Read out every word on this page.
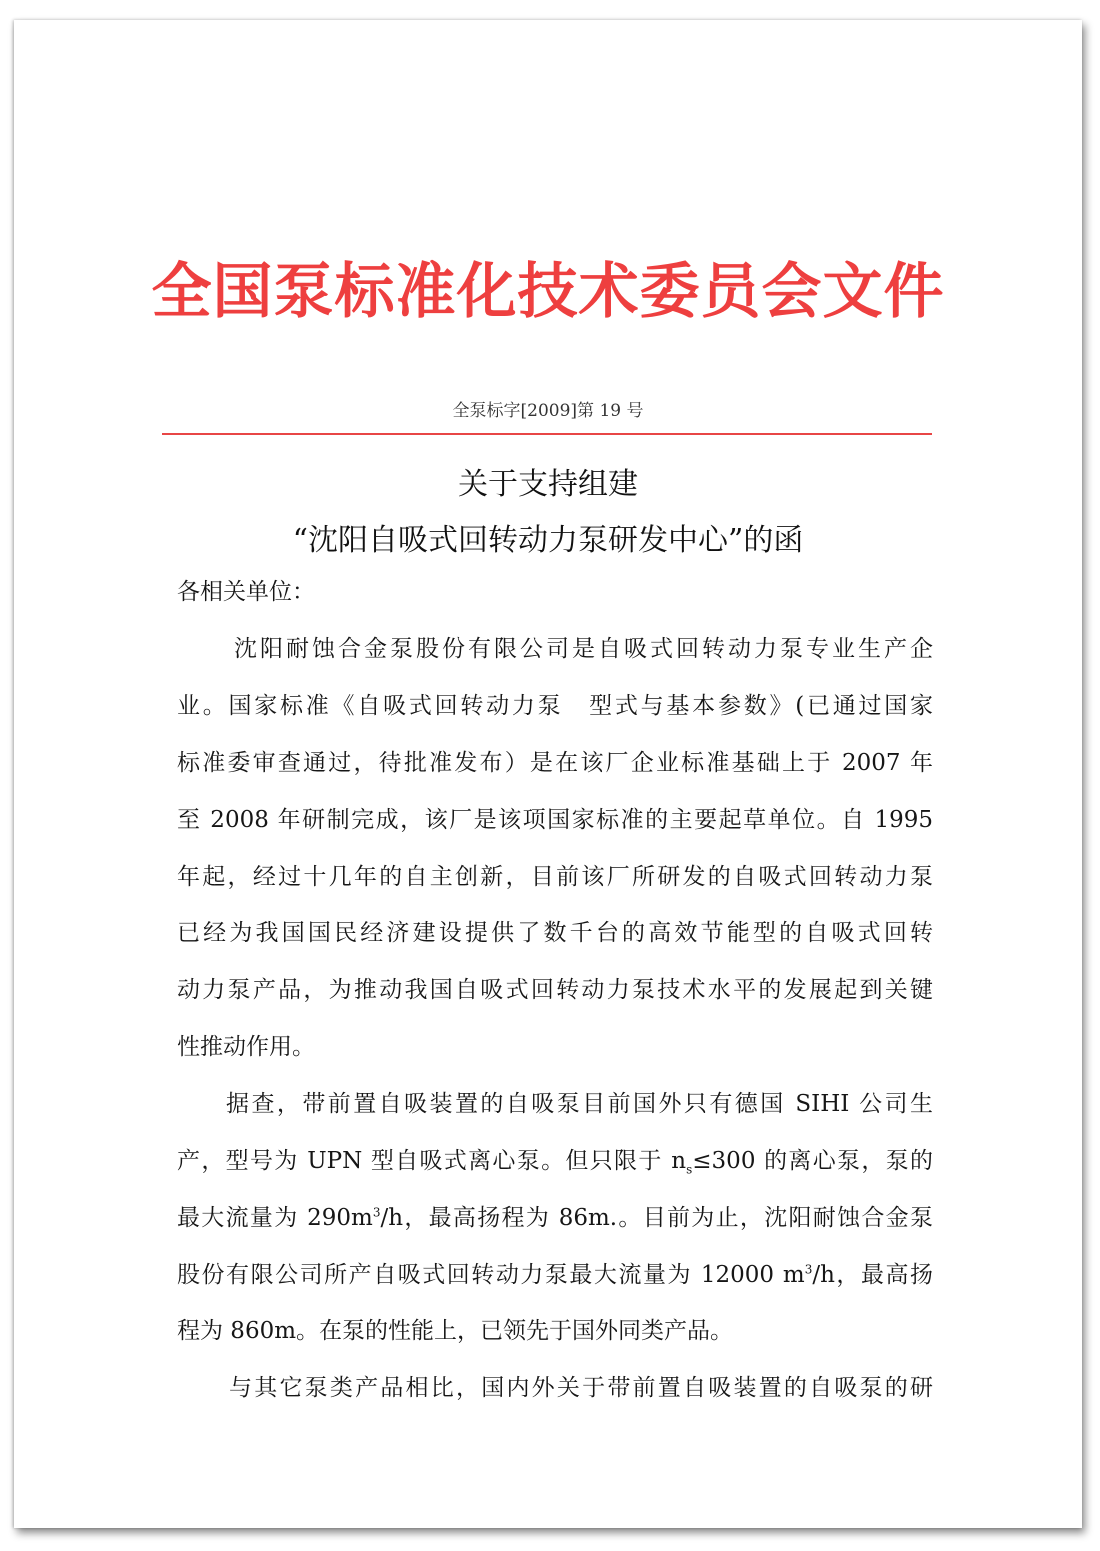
全国泵标准化技术委员会文件
全泵标字[2009]第 19 号
关于支持组建
“沈阳自吸式回转动力泵研发中心”的函
各相关单位：
沈阳耐蚀合金泵股份有限公司是自吸式回转动力泵专业生产企
业。国家标准《自吸式回转动力泵　型式与基本参数》(已通过国家
标准委审查通过，待批准发布）是在该厂企业标准基础上于 2007 年
至 2008 年研制完成，该厂是该项国家标准的主要起草单位。自 1995
年起，经过十几年的自主创新，目前该厂所研发的自吸式回转动力泵
已经为我国国民经济建设提供了数千台的高效节能型的自吸式回转
动力泵产品，为推动我国自吸式回转动力泵技术水平的发展起到关键
性推动作用。
据查，带前置自吸装置的自吸泵目前国外只有德国 SIHI 公司生
产，型号为 UPN 型自吸式离心泵。但只限于 $n_s\le 300$ 的离心泵，泵的
最大流量为 $290m^3/h$，最高扬程为 86m.。目前为止，沈阳耐蚀合金泵
股份有限公司所产自吸式回转动力泵最大流量为 12000 $m^3/h$，最高扬
程为 860m。在泵的性能上，已领先于国外同类产品。
与其它泵类产品相比，国内外关于带前置自吸装置的自吸泵的研
